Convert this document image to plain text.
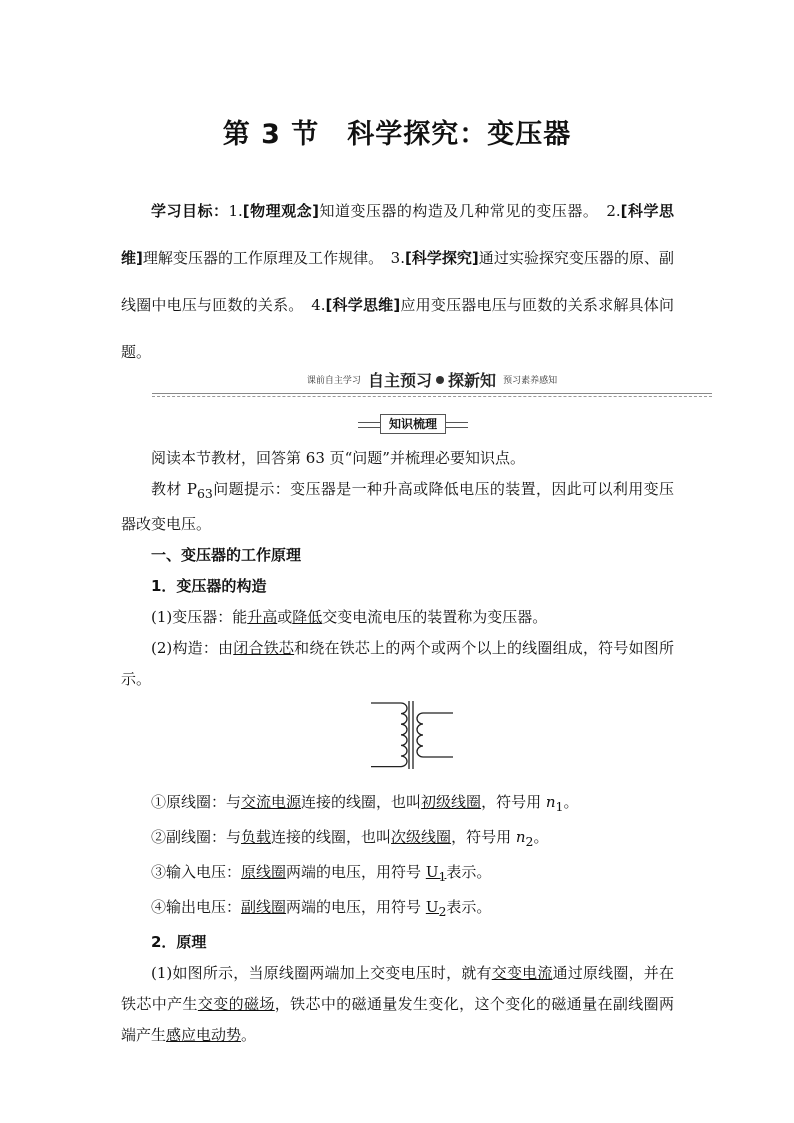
第 3 节　科学探究：变压器
学习目标：1.[物理观念]知道变压器的构造及几种常见的变压器。　2.[科学思维]理解变压器的工作原理及工作规律。　3.[科学探究]通过实验探究变压器的原、副线圈中电压与匝数的关系。　4.[科学思维]应用变压器电压与匝数的关系求解具体问题。
课前自主学习 自主预习 探新知 预习素养感知
知识梳理
阅读本节教材，回答第 63 页“问题”并梳理必要知识点。
教材 $P_{63}$问题提示：变压器是一种升高或降低电压的装置，因此可以利用变压器改变电压。
一、变压器的工作原理
1．变压器的构造
(1)变压器：能升高或降低交变电流电压的装置称为变压器。
(2)构造：由闭合铁芯和绕在铁芯上的两个或两个以上的线圈组成，符号如图所示。
①原线圈：与交流电源连接的线圈，也叫初级线圈，符号用 $n_1$。
②副线圈：与负载连接的线圈，也叫次级线圈，符号用 $n_2$。
③输入电压：原线圈两端的电压，用符号 $U_1$表示。
④输出电压：副线圈两端的电压，用符号 $U_2$表示。
2．原理
(1)如图所示，当原线圈两端加上交变电压时，就有交变电流通过原线圈，并在铁芯中产生交变的磁场，铁芯中的磁通量发生变化，这个变化的磁通量在副线圈两端产生感应电动势。
